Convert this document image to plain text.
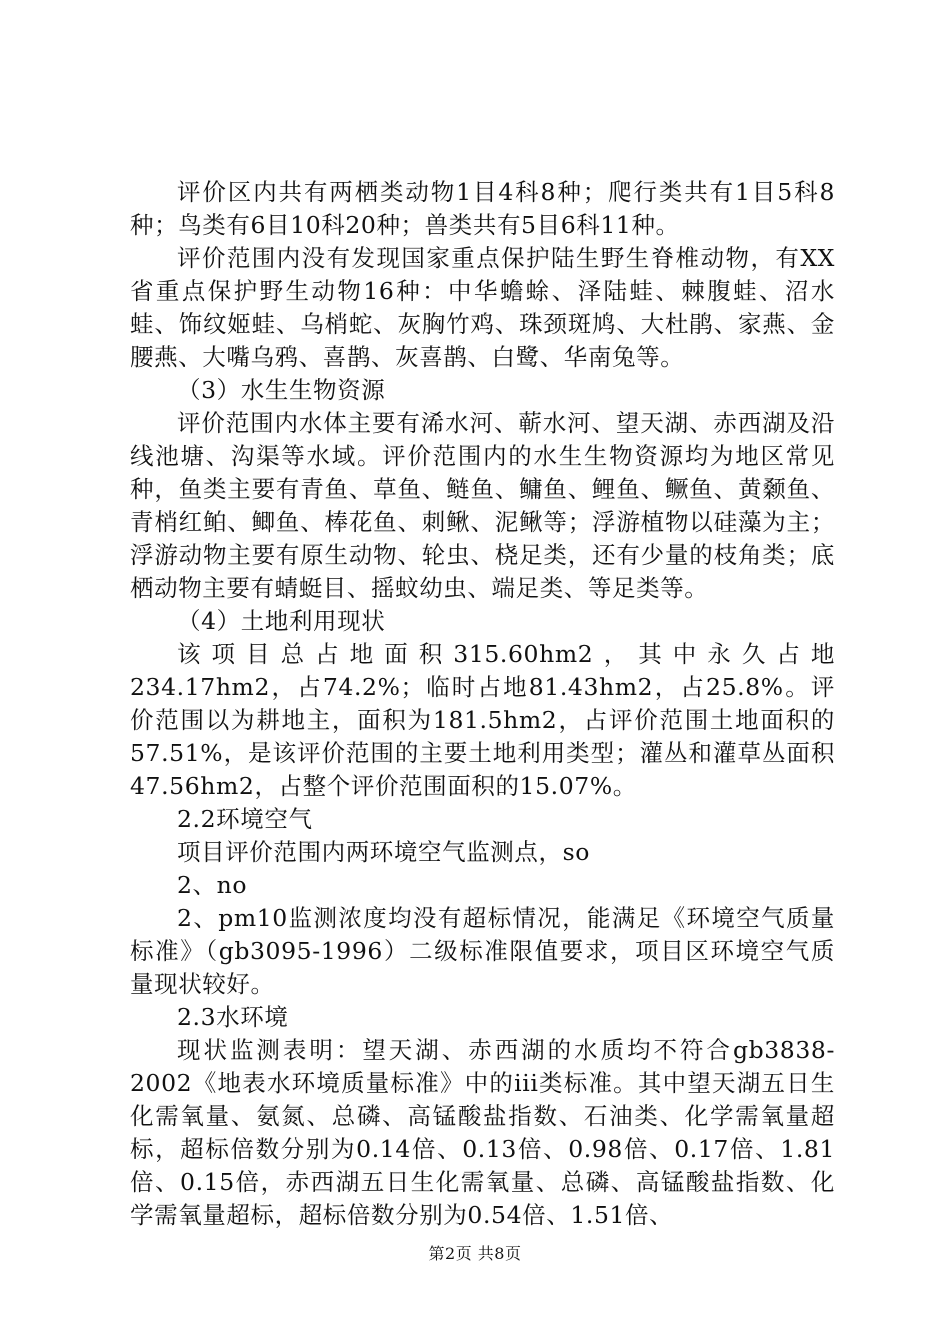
评价区内共有两栖类动物1目4科8种；爬行类共有1目5科8种；鸟类有6目10科20种；兽类共有5目6科11种。

评价范围内没有发现国家重点保护陆生野生脊椎动物，有XX省重点保护野生动物16种：中华蟾蜍、泽陆蛙、棘腹蛙、沼水蛙、饰纹姬蛙、乌梢蛇、灰胸竹鸡、珠颈斑鸠、大杜鹃、家燕、金腰燕、大嘴乌鸦、喜鹊、灰喜鹊、白鹭、华南兔等。

（3）水生生物资源

评价范围内水体主要有浠水河、蕲水河、望天湖、赤西湖及沿线池塘、沟渠等水域。评价范围内的水生生物资源均为地区常见种，鱼类主要有青鱼、草鱼、鲢鱼、鳙鱼、鲤鱼、鳜鱼、黄颡鱼、青梢红鲌、鲫鱼、棒花鱼、刺鳅、泥鳅等；浮游植物以硅藻为主；浮游动物主要有原生动物、轮虫、桡足类，还有少量的枝角类；底栖动物主要有蜻蜓目、摇蚊幼虫、端足类、等足类等。

（4）土地利用现状

该项目总占地面积315.60hm2，其中永久占地234.17hm2，占74.2%；临时占地81.43hm2，占25.8%。评价范围以为耕地主，面积为181.5hm2，占评价范围土地面积的57.51%，是该评价范围的主要土地利用类型；灌丛和灌草丛面积47.56hm2，占整个评价范围面积的15.07%。

2.2环境空气

项目评价范围内两环境空气监测点，so

2、no

2、pm10监测浓度均没有超标情况，能满足《环境空气质量标准》（gb3095-1996）二级标准限值要求，项目区环境空气质量现状较好。

2.3水环境

现状监测表明：望天湖、赤西湖的水质均不符合gb3838-2002《地表水环境质量标准》中的iii类标准。其中望天湖五日生化需氧量、氨氮、总磷、高锰酸盐指数、石油类、化学需氧量超标，超标倍数分别为0.14倍、0.13倍、0.98倍、0.17倍、1.81倍、0.15倍，赤西湖五日生化需氧量、总磷、高锰酸盐指数、化学需氧量超标，超标倍数分别为0.54倍、1.51倍、

第2页 共8页
